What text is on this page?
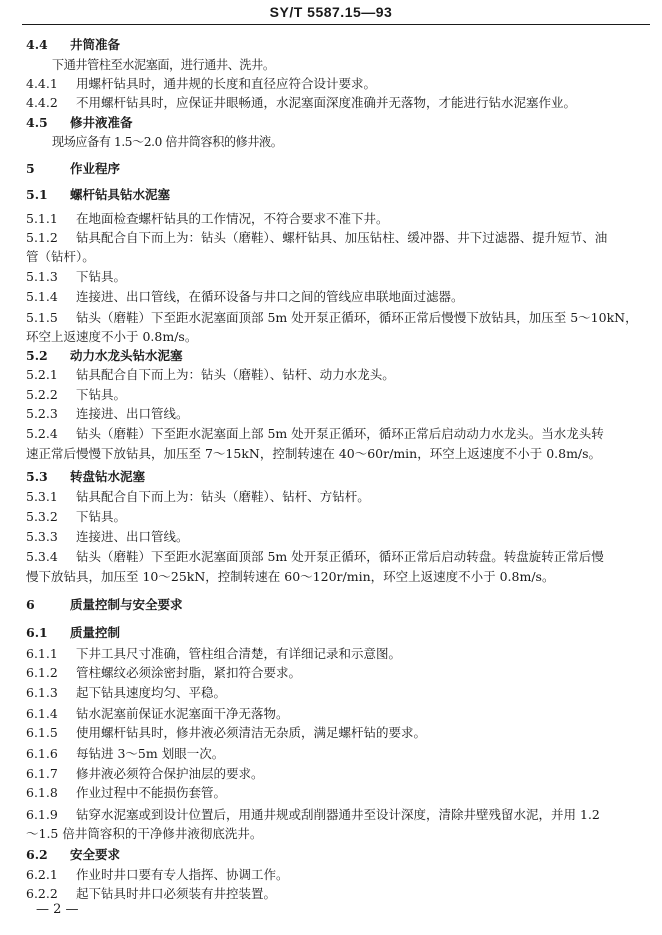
SY/T 5587.15—93
4.4 井筒准备
下通井管柱至水泥塞面，进行通井、洗井。
4.4.1 用螺杆钻具时，通井规的长度和直径应符合设计要求。
4.4.2 不用螺杆钻具时，应保证井眼畅通，水泥塞面深度准确并无落物，才能进行钻水泥塞作业。
4.5 修井液准备
现场应备有 1.5～2.0 倍井筒容积的修井液。
5	作业程序
5.1 螺杆钻具钻水泥塞
5.1.1 在地面检查螺杆钻具的工作情况，不符合要求不准下井。
5.1.2 钻具配合自下而上为：钻头（磨鞋）、螺杆钻具、加压钻柱、缓冲器、井下过滤器、提升短节、油
管（钻杆）。
5.1.3 下钻具。
5.1.4 连接进、出口管线，在循环设备与井口之间的管线应串联地面过滤器。
5.1.5 钻头（磨鞋）下至距水泥塞面顶部 5m 处开泵正循环，循环正常后慢慢下放钻具，加压至 5～10kN，
环空上返速度不小于 0.8m/s。
5.2 动力水龙头钻水泥塞
5.2.1 钻具配合自下而上为：钻头（磨鞋）、钻杆、动力水龙头。
5.2.2 下钻具。
5.2.3 连接进、出口管线。
5.2.4 钻头（磨鞋）下至距水泥塞面上部 5m 处开泵正循环，循环正常后启动动力水龙头。当水龙头转
速正常后慢慢下放钻具，加压至 7～15kN，控制转速在 40～60r/min，环空上返速度不小于 0.8m/s。
5.3 转盘钻水泥塞
5.3.1 钻具配合自下而上为：钻头（磨鞋）、钻杆、方钻杆。
5.3.2 下钻具。
5.3.3 连接进、出口管线。
5.3.4 钻头（磨鞋）下至距水泥塞面顶部 5m 处开泵正循环，循环正常后启动转盘。转盘旋转正常后慢
慢下放钻具，加压至 10～25kN，控制转速在 60～120r/min，环空上返速度不小于 0.8m/s。
6	质量控制与安全要求
6.1 质量控制
6.1.1 下井工具尺寸准确，管柱组合清楚，有详细记录和示意图。
6.1.2 管柱螺纹必须涂密封脂，紧扣符合要求。
6.1.3 起下钻具速度均匀、平稳。
6.1.4 钻水泥塞前保证水泥塞面干净无落物。
6.1.5 使用螺杆钻具时，修井液必须清洁无杂质，满足螺杆钻的要求。
6.1.6 每钻进 3～5m 划眼一次。
6.1.7 修井液必须符合保护油层的要求。
6.1.8 作业过程中不能损伤套管。
6.1.9 钻穿水泥塞或到设计位置后，用通井规或刮削器通井至设计深度，清除井壁残留水泥，并用 1.2
～1.5 倍井筒容积的干净修井液彻底洗井。
6.2 安全要求
6.2.1 作业时井口要有专人指挥、协调工作。
6.2.2 起下钻具时井口必须装有井控装置。
— 2 —
